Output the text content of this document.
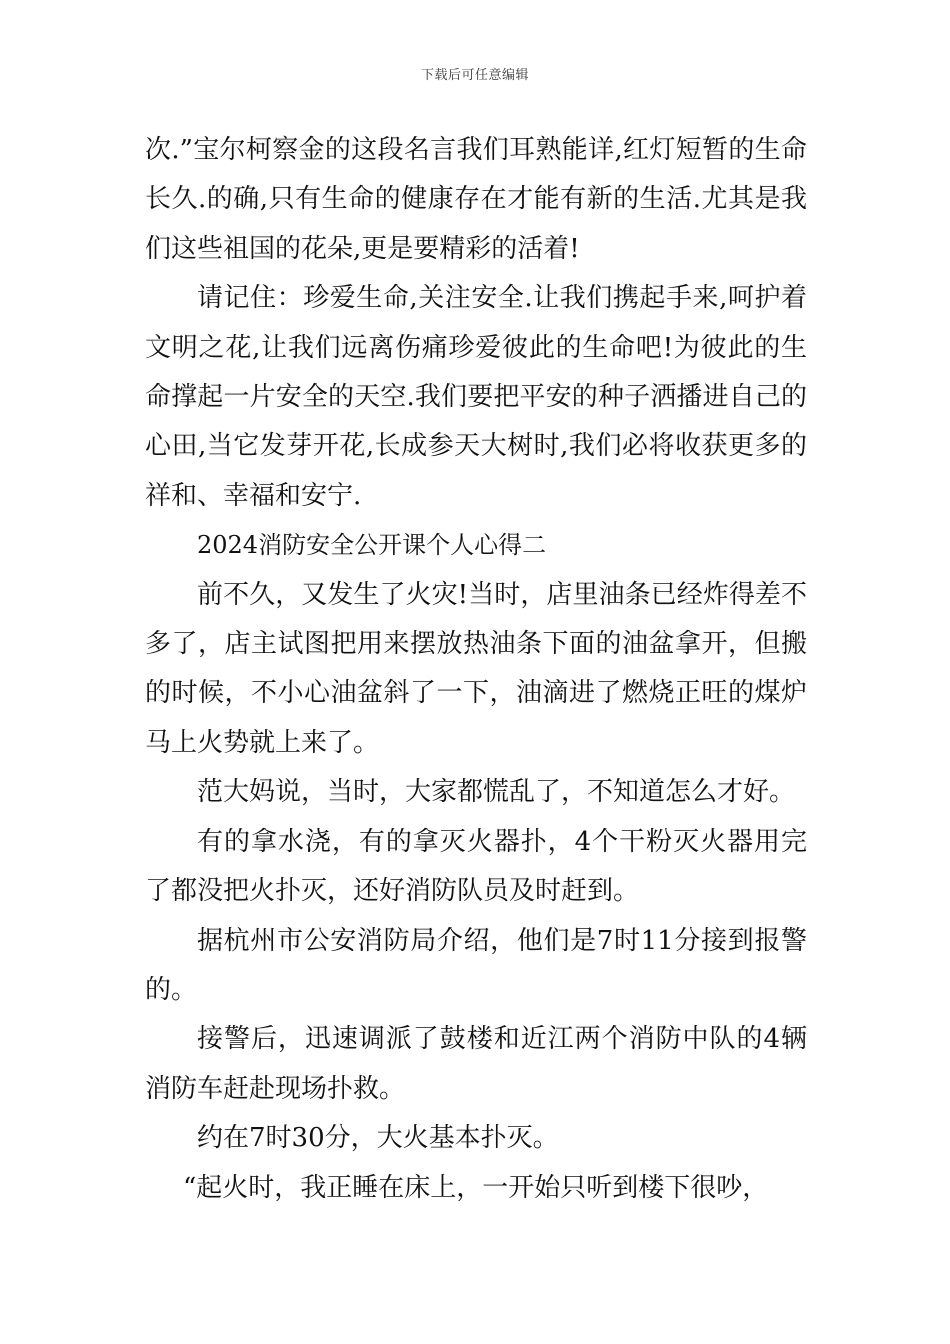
下载后可任意编辑

次.”宝尔柯察金的这段名言我们耳熟能详,红灯短暂的生命长久.的确,只有生命的健康存在才能有新的生活.尤其是我们这些祖国的花朵,更是要精彩的活着!

请记住：珍爱生命,关注安全.让我们携起手来,呵护着文明之花,让我们远离伤痛珍爱彼此的生命吧!为彼此的生命撑起一片安全的天空.我们要把平安的种子洒播进自己的心田,当它发芽开花,长成参天大树时,我们必将收获更多的祥和、幸福和安宁.

2024消防安全公开课个人心得二

前不久，又发生了火灾!当时，店里油条已经炸得差不多了，店主试图把用来摆放热油条下面的油盆拿开，但搬的时候，不小心油盆斜了一下，油滴进了燃烧正旺的煤炉马上火势就上来了。

范大妈说，当时，大家都慌乱了，不知道怎么才好。

有的拿水浇，有的拿灭火器扑，4个干粉灭火器用完了都没把火扑灭，还好消防队员及时赶到。

据杭州市公安消防局介绍，他们是7时11分接到报警的。

接警后，迅速调派了鼓楼和近江两个消防中队的4辆消防车赶赴现场扑救。

约在7时30分，大火基本扑灭。

“起火时，我正睡在床上，一开始只听到楼下很吵，
